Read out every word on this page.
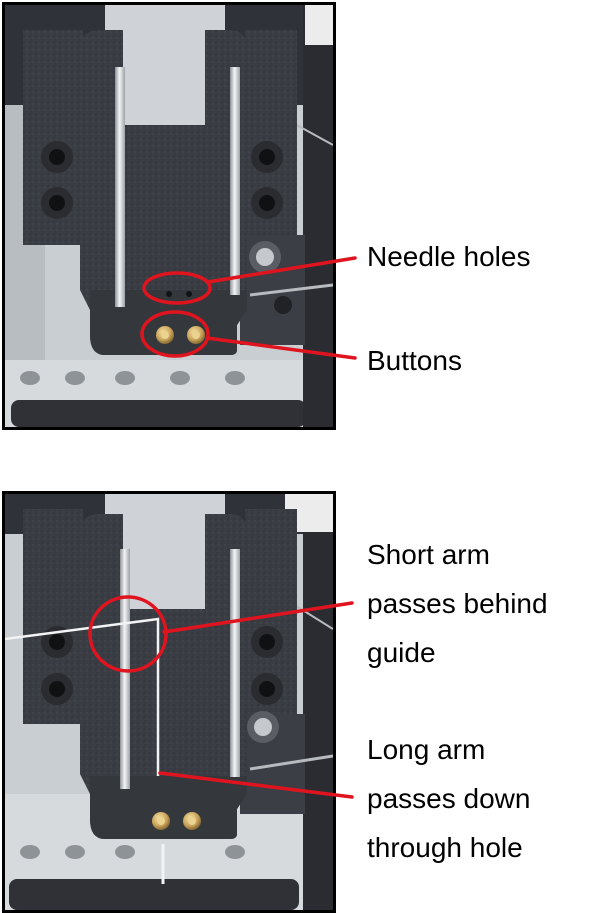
Needle holes
Buttons
Short arm
passes behind
guide
Long arm
passes down
through hole
